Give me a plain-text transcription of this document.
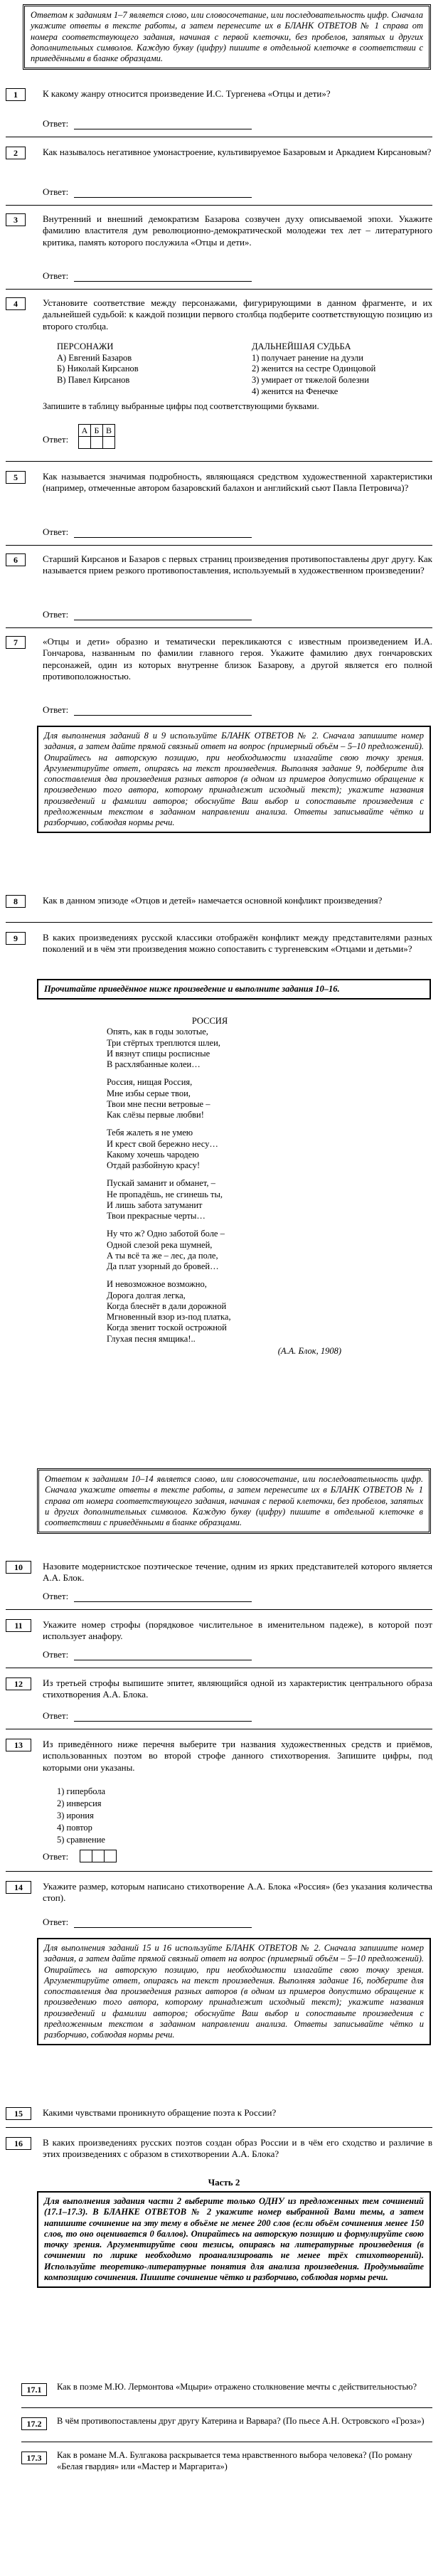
Ответом к заданиям 1–7 является слово, или словосочетание, или последовательность цифр. Сначала укажите ответы в тексте работы, а затем перенесите их в БЛАНК ОТВЕТОВ № 1 справа от номера соответствующего задания, начиная с первой клеточки, без пробелов, запятых и других дополнительных символов. Каждую букву (цифру) пишите в отдельной клеточке в соответствии с приведёнными в бланке образцами.
1	К какому жанру относится произведение И.С. Тургенева «Отцы и дети»?
Ответ:
2	Как называлось негативное умонастроение, культивируемое Базаровым и Аркадием Кирсановым?
Ответ:
3	Внутренний и внешний демократизм Базарова созвучен духу описываемой эпохи. Укажите фамилию властителя дум революционно-демократической молодежи тех лет – литературного критика, память которого послужила «Отцы и дети».
Ответ:
4	Установите соответствие между персонажами, фигурирующими в данном фрагменте, и их дальнейшей судьбой: к каждой позиции первого столбца подберите соответствующую позицию из второго столбца.
ПЕРСОНАЖИ	ДАЛЬНЕЙШАЯ СУДЬБА
А) Евгений Базаров	1) получает ранение на дуэли
Б) Николай Кирсанов	2) женится на сестре Одинцовой
В) Павел Кирсанов	3) умирает от тяжелой болезни
4) женится на Фенечке
Запишите в таблицу выбранные цифры под соответствующими буквами.
Ответ:
А	Б	В

5	Как называется значимая подробность, являющаяся средством художественной характеристики (например, отмеченные автором базаровский балахон и английский сьют Павла Петровича)?
Ответ:
6	Старший Кирсанов и Базаров с первых страниц произведения противопоставлены друг другу. Как называется прием резкого противопоставления, используемый в художественном произведении?
Ответ:
7	«Отцы и дети» образно и тематически перекликаются с известным произведением И.А. Гончарова, названным по фамилии главного героя. Укажите фамилию двух гончаровских персонажей, один из которых внутренне близок Базарову, а другой является его полной противоположностью.
Ответ:
Для выполнения заданий 8 и 9 используйте БЛАНК ОТВЕТОВ № 2. Сначала запишите номер задания, а затем дайте прямой связный ответ на вопрос (примерный объём – 5–10 предложений). Опирайтесь на авторскую позицию, при необходимости излагайте свою точку зрения. Аргументируйте ответ, опираясь на текст произведения. Выполняя задание 9, подберите для сопоставления два произведения разных авторов (в одном из примеров допустимо обращение к произведению того автора, которому принадлежит исходный текст); укажите названия произведений и фамилии авторов; обоснуйте Ваш выбор и сопоставьте произведения с предложенным текстом в заданном направлении анализа. Ответы записывайте чётко и разборчиво, соблюдая нормы речи.
8	Как в данном эпизоде «Отцов и детей» намечается основной конфликт произведения?
9	В каких произведениях русской классики отображён конфликт между представителями разных поколений и в чём эти произведения можно сопоставить с тургеневским «Отцами и детьми»?
Прочитайте приведённое ниже произведение и выполните задания 10–16.
РОССИЯ
Опять, как в годы золотые,
Три стёртых треплются шлеи,
И вязнут спицы росписные
В расхлябанные колеи…
Россия, нищая Россия,
Мне избы серые твои,
Твои мне песни ветровые –
Как слёзы первые любви!
Тебя жалеть я не умею
И крест свой бережно несу…
Какому хочешь чародею
Отдай разбойную красу!
Пускай заманит и обманет, –
Не пропадёшь, не сгинешь ты,
И лишь забота затуманит
Твои прекрасные черты…
Ну что ж? Одно заботой боле –
Одной слезой река шумней,
А ты всё та же – лес, да поле,
Да плат узорный до бровей…
И невозможное возможно,
Дорога долгая легка,
Когда блеснёт в дали дорожной
Мгновенный взор из-под платка,
Когда звенит тоской острожной
Глухая песня ямщика!..
(А.А. Блок, 1908)
Ответом к заданиям 10–14 является слово, или словосочетание, или последовательность цифр. Сначала укажите ответы в тексте работы, а затем перенесите их в БЛАНК ОТВЕТОВ № 1 справа от номера соответствующего задания, начиная с первой клеточки, без пробелов, запятых и других дополнительных символов. Каждую букву (цифру) пишите в отдельной клеточке в соответствии с приведёнными в бланке образцами.
10	Назовите модернистское поэтическое течение, одним из ярких представителей которого является А.А. Блок.
Ответ:
11	Укажите номер строфы (порядковое числительное в именительном падеже), в которой поэт использует анафору.
Ответ:
12	Из третьей строфы выпишите эпитет, являющийся одной из характеристик центрального образа стихотворения А.А. Блока.
Ответ:
13	Из приведённого ниже перечня выберите три названия художественных средств и приёмов, использованных поэтом во второй строфе данного стихотворения. Запишите цифры, под которыми они указаны.
1) гипербола
2) инверсия
3) ирония
4) повтор
5) сравнение
Ответ:

14	Укажите размер, которым написано стихотворение А.А. Блока «Россия» (без указания количества стоп).
Ответ:
Для выполнения заданий 15 и 16 используйте БЛАНК ОТВЕТОВ № 2. Сначала запишите номер задания, а затем дайте прямой связный ответ на вопрос (примерный объём – 5–10 предложений). Опирайтесь на авторскую позицию, при необходимости излагайте свою точку зрения. Аргументируйте ответ, опираясь на текст произведения. Выполняя задание 16, подберите для сопоставления два произведения разных авторов (в одном из примеров допустимо обращение к произведению того автора, которому принадлежит исходный текст); укажите названия произведений и фамилии авторов; обоснуйте Ваш выбор и сопоставьте произведения с предложенным текстом в заданном направлении анализа. Ответы записывайте чётко и разборчиво, соблюдая нормы речи.
15	Какими чувствами проникнуто обращение поэта к России?
16	В каких произведениях русских поэтов создан образ России и в чём его сходство и различие в этих произведениях с образом в стихотворении А.А. Блока?
Часть 2
Для выполнения задания части 2 выберите только ОДНУ из предложенных тем сочинений (17.1–17.3). В БЛАНКЕ ОТВЕТОВ № 2 укажите номер выбранной Вами темы, а затем напишите сочинение на эту тему в объёме не менее 200 слов (если объём сочинения менее 150 слов, то оно оценивается 0 баллов). Опирайтесь на авторскую позицию и формулируйте свою точку зрения. Аргументируйте свои тезисы, опираясь на литературные произведения (в сочинении по лирике необходимо проанализировать не менее трёх стихотворений). Используйте теоретико-литературные понятия для анализа произведения. Продумывайте композицию сочинения. Пишите сочинение чётко и разборчиво, соблюдая нормы речи.
17.1	Как в поэме М.Ю. Лермонтова «Мцыри» отражено столкновение мечты с действительностью?
17.2	В чём противопоставлены друг другу Катерина и Варвара? (По пьесе А.Н. Островского «Гроза»)
17.3	Как в романе М.А. Булгакова раскрывается тема нравственного выбора человека? (По роману «Белая гвардия» или «Мастер и Маргарита»)
